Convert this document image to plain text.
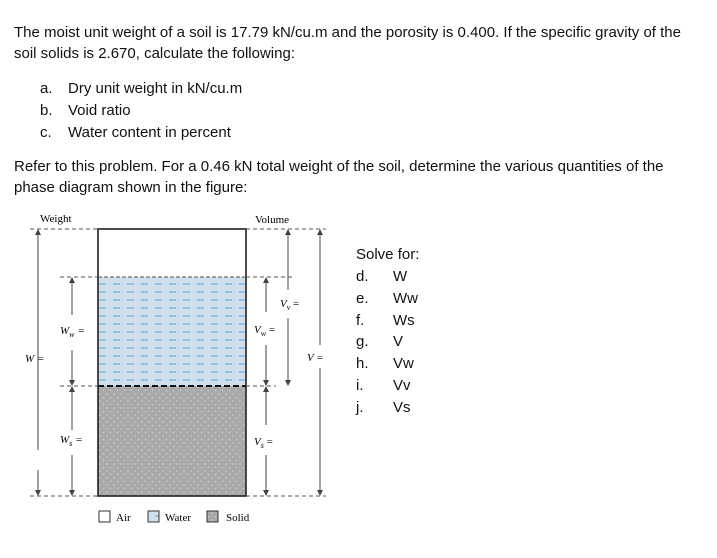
The moist unit weight of a soil is 17.79 kN/cu.m and the porosity is 0.400. If the specific gravity of the soil solids is 2.670, calculate the following:

a. Dry unit weight in kN/cu.m
b. Void ratio
c. Water content in percent

Refer to this problem. For a 0.46 kN total weight of the soil, determine the various quantities of the phase diagram shown in the figure:

Weight	Volume
W =
$W_w$ =
$W_s$ =
$V_w$ =
$V_s$ =
$V_v$ =
V =
Air	Water	Solid
Solve for:
d. W
e. Ww
f. Ws
g. V
h. Vw
i. Vv
j. Vs
